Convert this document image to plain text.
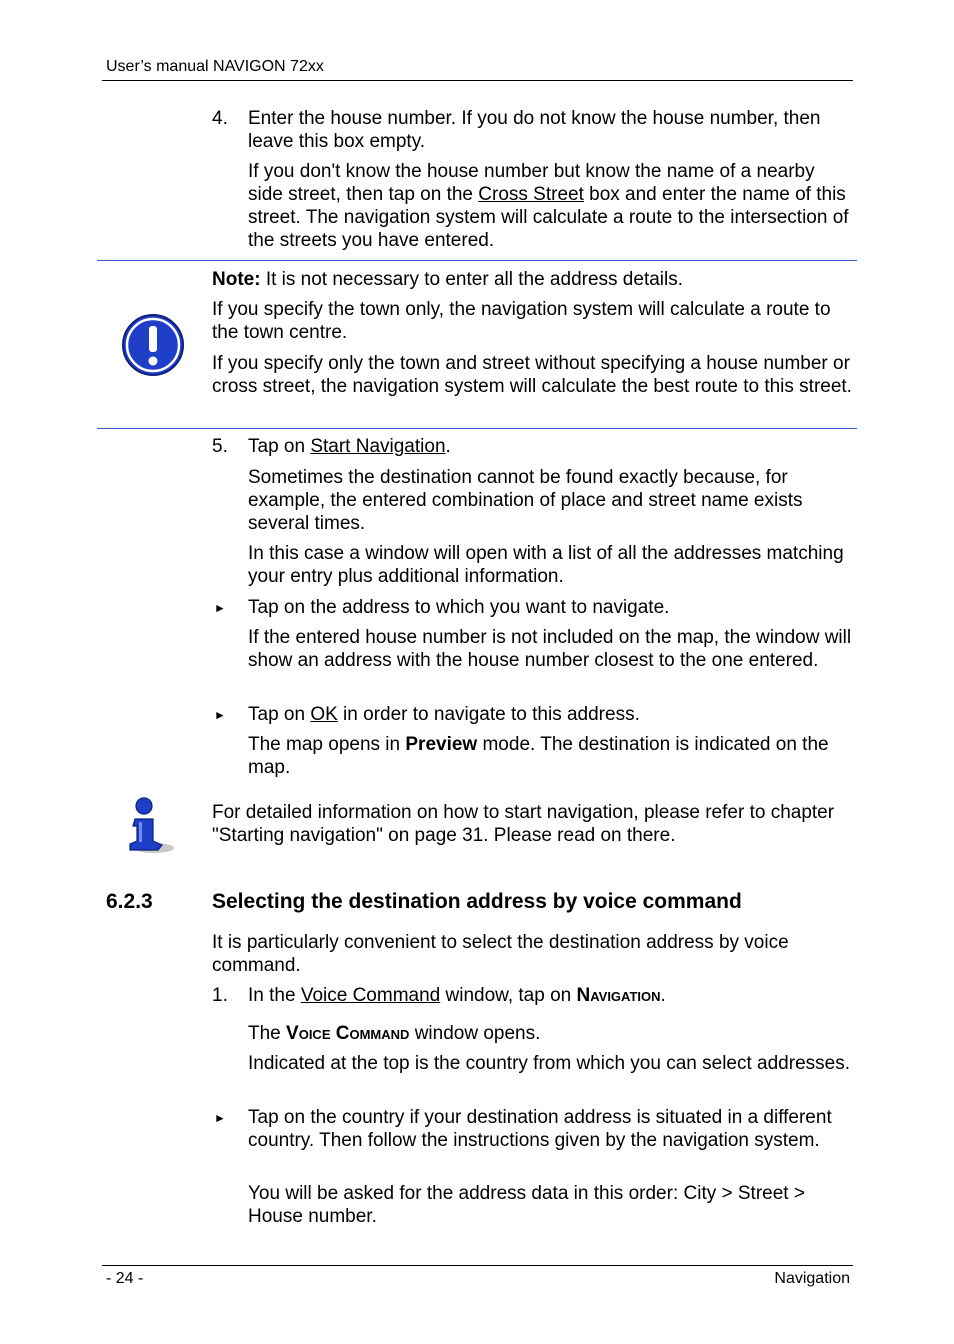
User’s manual NAVIGON 72xx
4. Enter the house number. If you do not know the house number, then leave this box empty.
If you don't know the house number but know the name of a nearby side street, then tap on the Cross Street box and enter the name of this street. The navigation system will calculate a route to the intersection of the streets you have entered.
Note: It is not necessary to enter all the address details.
If you specify the town only, the navigation system will calculate a route to the town centre.
If you specify only the town and street without specifying a house number or cross street, the navigation system will calculate the best route to this street.
5. Tap on Start Navigation.
Sometimes the destination cannot be found exactly because, for example, the entered combination of place and street name exists several times.
In this case a window will open with a list of all the addresses matching your entry plus additional information.
► Tap on the address to which you want to navigate.
If the entered house number is not included on the map, the window will show an address with the house number closest to the one entered.
► Tap on OK in order to navigate to this address.
The map opens in Preview mode. The destination is indicated on the map.
For detailed information on how to start navigation, please refer to chapter "Starting navigation" on page 31. Please read on there.
6.2.3	Selecting the destination address by voice command
It is particularly convenient to select the destination address by voice command.
1. In the Voice Command window, tap on Navigation.
The Voice Command window opens.
Indicated at the top is the country from which you can select addresses.
► Tap on the country if your destination address is situated in a different country. Then follow the instructions given by the navigation system.
You will be asked for the address data in this order: City > Street > House number.
- 24 -	Navigation
